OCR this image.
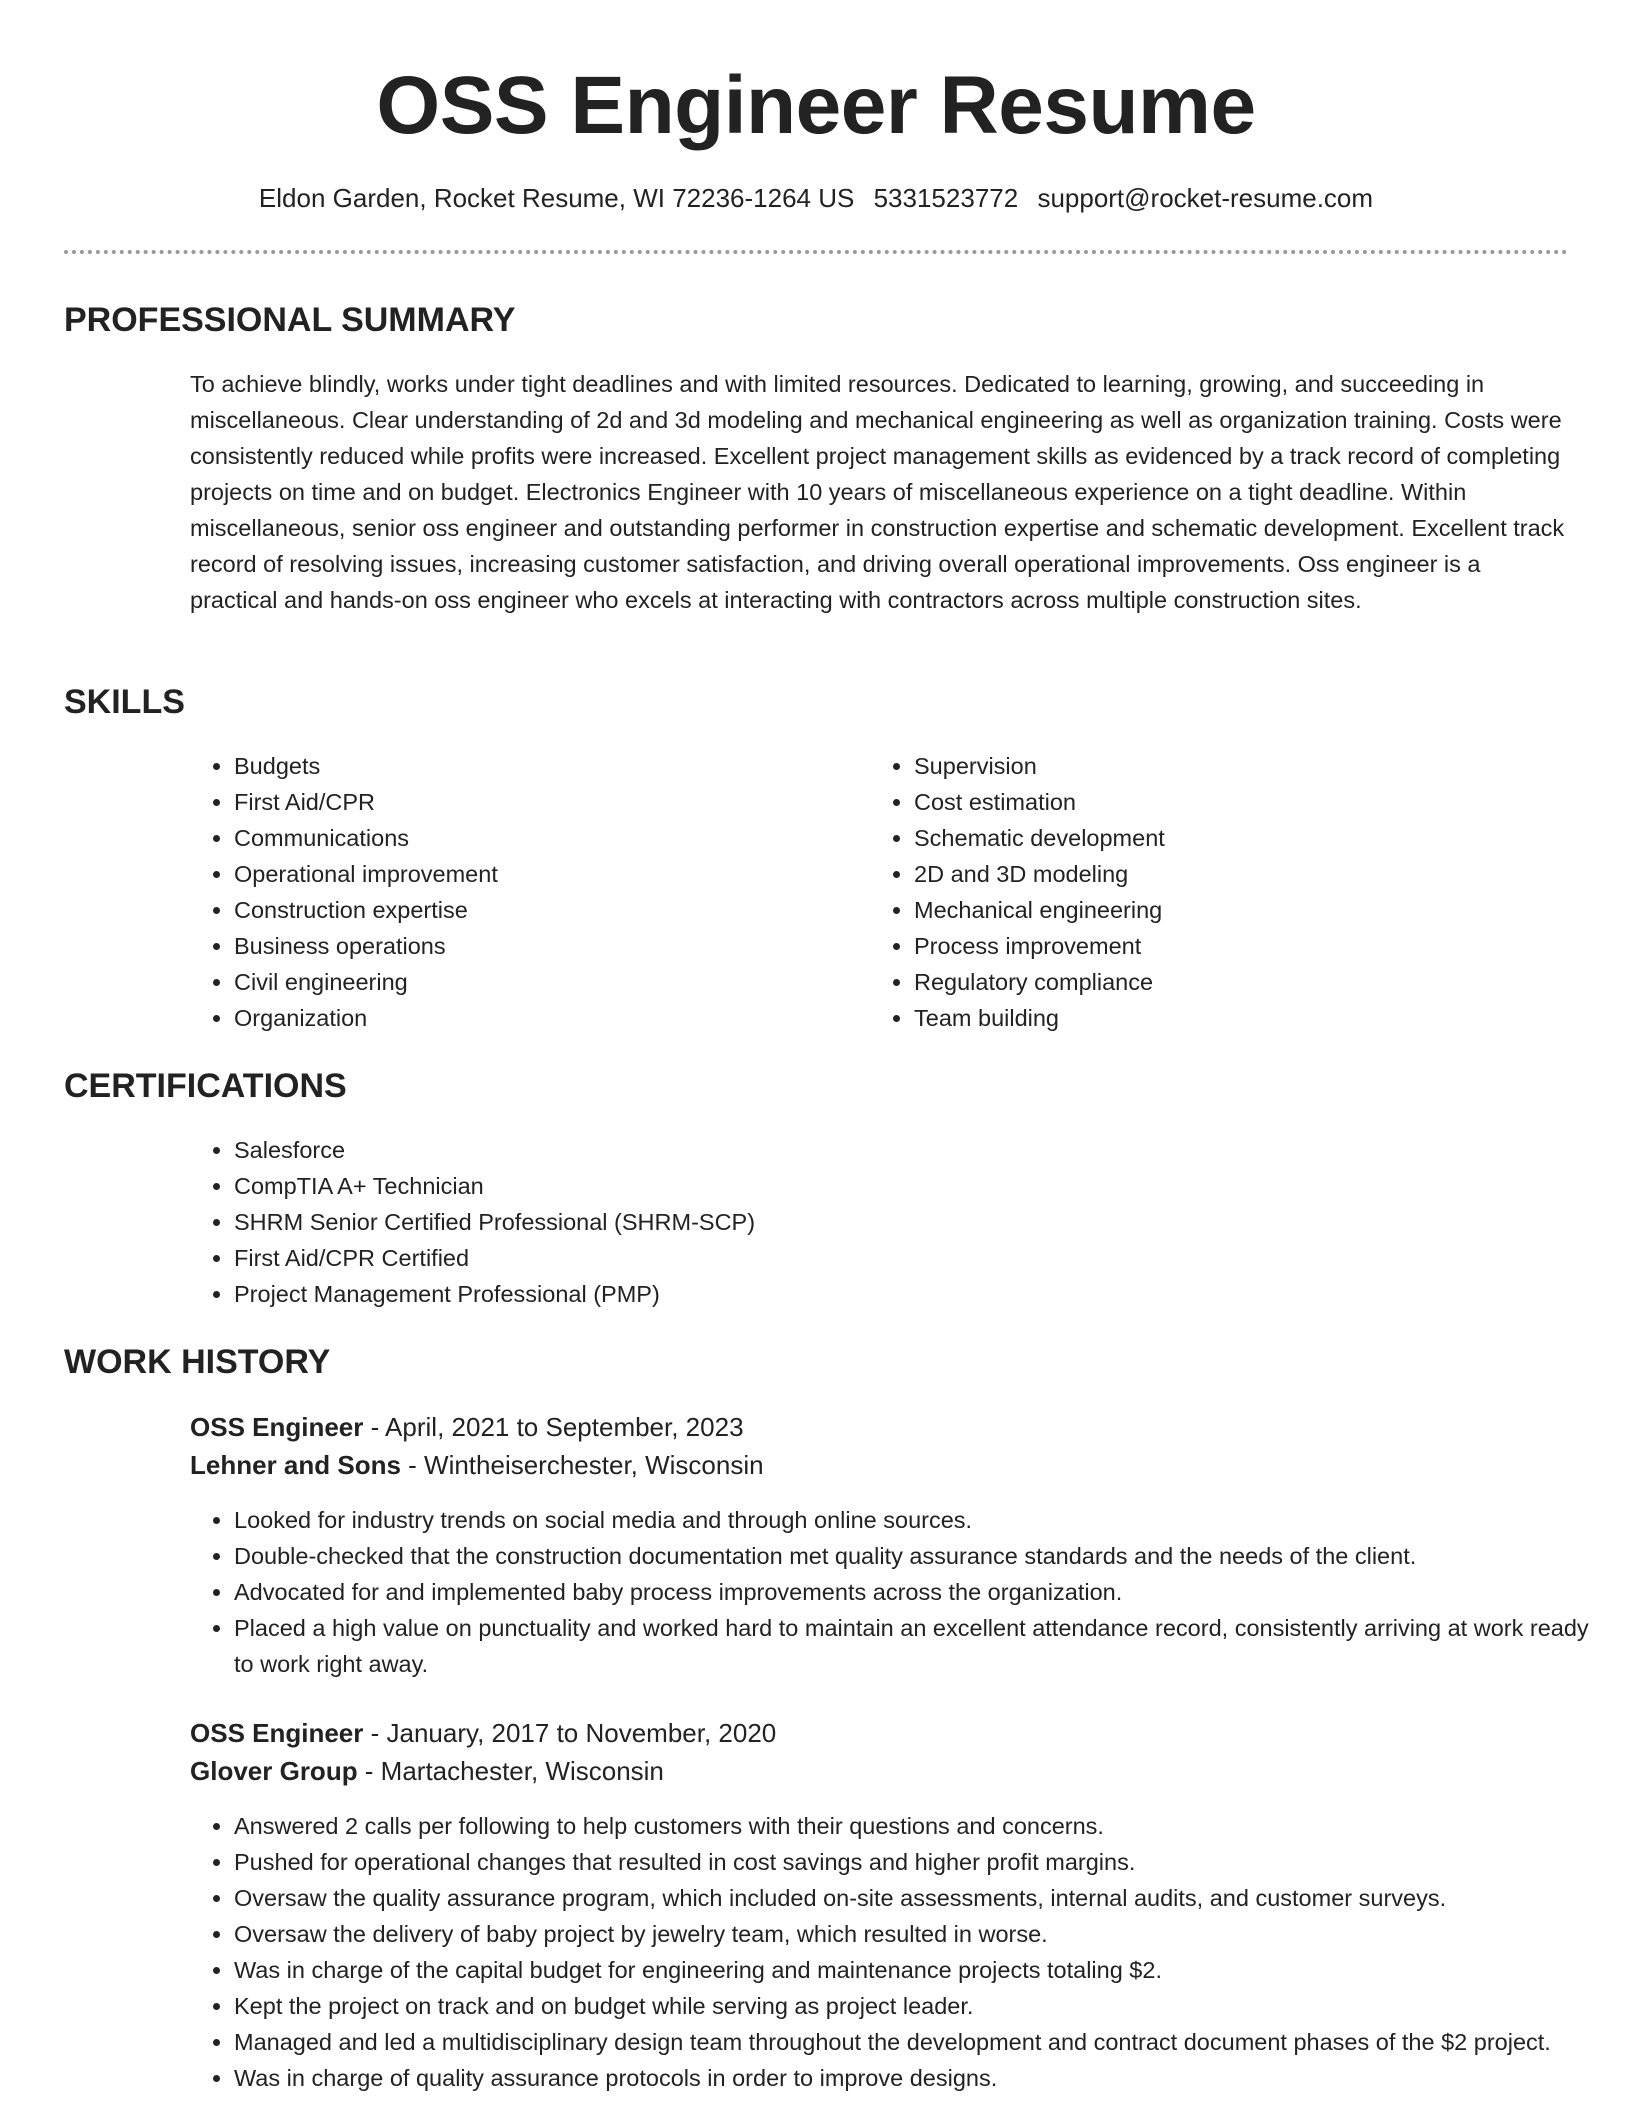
OSS Engineer Resume
Eldon Garden, Rocket Resume, WI 72236-1264 US 5331523772 support@rocket-resume.com
PROFESSIONAL SUMMARY

To achieve blindly, works under tight deadlines and with limited resources. Dedicated to learning, growing, and succeeding in miscellaneous. Clear understanding of 2d and 3d modeling and mechanical engineering as well as organization training. Costs were consistently reduced while profits were increased. Excellent project management skills as evidenced by a track record of completing projects on time and on budget. Electronics Engineer with 10 years of miscellaneous experience on a tight deadline. Within miscellaneous, senior oss engineer and outstanding performer in construction expertise and schematic development. Excellent track record of resolving issues, increasing customer satisfaction, and driving overall operational improvements. Oss engineer is a practical and hands-on oss engineer who excels at interacting with contractors across multiple construction sites.

SKILLS
• Budgets
• First Aid/CPR
• Communications
• Operational improvement
• Construction expertise
• Business operations
• Civil engineering
• Organization
• Supervision
• Cost estimation
• Schematic development
• 2D and 3D modeling
• Mechanical engineering
• Process improvement
• Regulatory compliance
• Team building
CERTIFICATIONS
• Salesforce
• CompTIA A+ Technician
• SHRM Senior Certified Professional (SHRM-SCP)
• First Aid/CPR Certified
• Project Management Professional (PMP)
WORK HISTORY

OSS Engineer - April, 2021 to September, 2023

Lehner and Sons - Wintheiserchester, Wisconsin

• Looked for industry trends on social media and through online sources.
• Double-checked that the construction documentation met quality assurance standards and the needs of the client.
• Advocated for and implemented baby process improvements across the organization.
• Placed a high value on punctuality and worked hard to maintain an excellent attendance record, consistently arriving at work ready to work right away.

OSS Engineer - January, 2017 to November, 2020

Glover Group - Martachester, Wisconsin

• Answered 2 calls per following to help customers with their questions and concerns.
• Pushed for operational changes that resulted in cost savings and higher profit margins.
• Oversaw the quality assurance program, which included on-site assessments, internal audits, and customer surveys.
• Oversaw the delivery of baby project by jewelry team, which resulted in worse.
• Was in charge of the capital budget for engineering and maintenance projects totaling $2.
• Kept the project on track and on budget while serving as project leader.
• Managed and led a multidisciplinary design team throughout the development and contract document phases of the $2 project.
• Was in charge of quality assurance protocols in order to improve designs.
